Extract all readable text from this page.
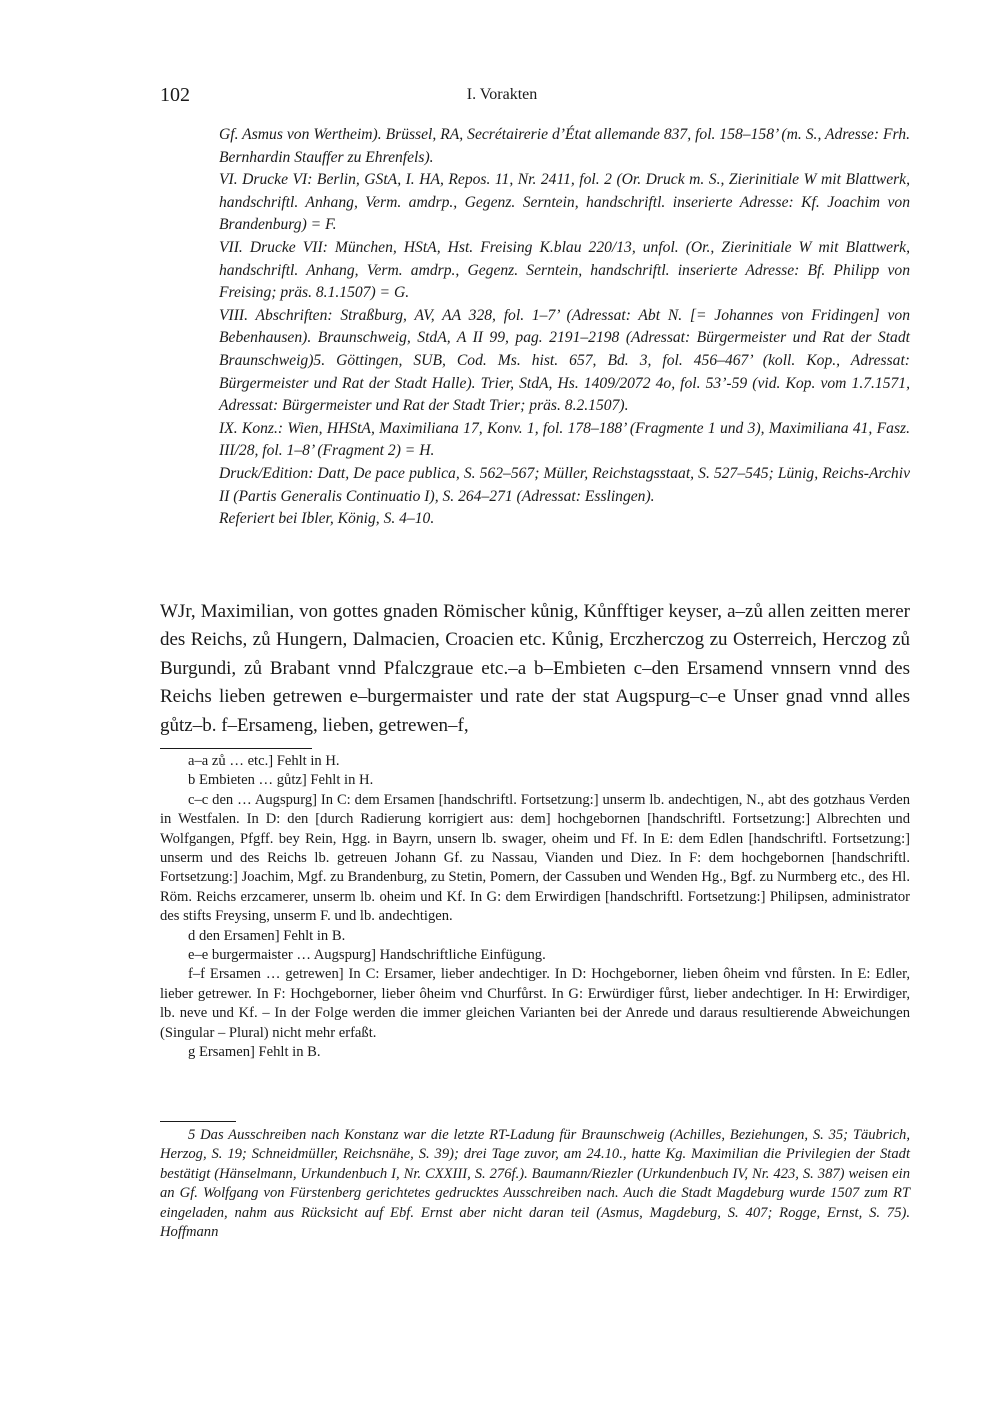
102	I. Vorakten

Gf. Asmus von Wertheim). Brüssel, RA, Secrétairerie d’État allemande 837, fol. 158–158’ (m. S., Adresse: Frh. Bernhardin Stauffer zu Ehrenfels).

VI. Drucke VI: Berlin, GStA, I. HA, Repos. 11, Nr. 2411, fol. 2 (Or. Druck m. S., Zierinitiale W mit Blattwerk, handschriftl. Anhang, Verm. amdrp., Gegenz. Serntein, handschriftl. inserierte Adresse: Kf. Joachim von Brandenburg) = F.

VII. Drucke VII: München, HStA, Hst. Freising K.blau 220/13, unfol. (Or., Zierinitiale W mit Blattwerk, handschriftl. Anhang, Verm. amdrp., Gegenz. Serntein, handschriftl. inserierte Adresse: Bf. Philipp von Freising; präs. 8.1.1507) = G.

VIII. Abschriften: Straßburg, AV, AA 328, fol. 1–7’ (Adressat: Abt N. [= Johannes von Fridingen] von Bebenhausen). Braunschweig, StdA, A II 99, pag. 2191–2198 (Adressat: Bürgermeister und Rat der Stadt Braunschweig)5. Göttingen, SUB, Cod. Ms. hist. 657, Bd. 3, fol. 456–467’ (koll. Kop., Adressat: Bürgermeister und Rat der Stadt Halle). Trier, StdA, Hs. 1409/2072 4o, fol. 53’-59 (vid. Kop. vom 1.7.1571, Adressat: Bürgermeister und Rat der Stadt Trier; präs. 8.2.1507).

IX. Konz.: Wien, HHStA, Maximiliana 17, Konv. 1, fol. 178–188’ (Fragmente 1 und 3), Maximiliana 41, Fasz. III/28, fol. 1–8’ (Fragment 2) = H.

Druck/Edition: Datt, De pace publica, S. 562–567; Müller, Reichstagsstaat, S. 527–545; Lünig, Reichs-Archiv II (Partis Generalis Continuatio I), S. 264–271 (Adressat: Esslingen).

Referiert bei Ibler, König, S. 4–10.

WJr, Maximilian, von gottes gnaden Römischer kůnig, Kůnfftiger keyser, a–zů allen zeitten merer des Reichs, zů Hungern, Dalmacien, Croacien etc. Kůnig, Erczherczog zu Osterreich, Herczog zů Burgundi, zů Brabant vnnd Pfalczgraue etc.–a b–Embieten c–den Ersamend vnnsern vnnd des Reichs lieben getrewen e–burgermaister und rate der stat Augspurg–c–e Unser gnad vnnd alles gůtz–b. f–Ersameng, lieben, getrewen–f,

a–a zů … etc.] Fehlt in H.

b Embieten … gůtz] Fehlt in H.

c–c den … Augspurg] In C: dem Ersamen [handschriftl. Fortsetzung:] unserm lb. andechtigen, N., abt des gotzhaus Verden in Westfalen. In D: den [durch Radierung korrigiert aus: dem] hochgebornen [handschriftl. Fortsetzung:] Albrechten und Wolfgangen, Pfgff. bey Rein, Hgg. in Bayrn, unsern lb. swager, oheim und Ff. In E: dem Edlen [handschriftl. Fortsetzung:] unserm und des Reichs lb. getreuen Johann Gf. zu Nassau, Vianden und Diez. In F: dem hochgebornen [handschriftl. Fortsetzung:] Joachim, Mgf. zu Brandenburg, zu Stetin, Pomern, der Cassuben und Wenden Hg., Bgf. zu Nurmberg etc., des Hl. Röm. Reichs erzcamerer, unserm lb. oheim und Kf. In G: dem Erwirdigen [handschriftl. Fortsetzung:] Philipsen, administrator des stifts Freysing, unserm F. und lb. andechtigen.

d den Ersamen] Fehlt in B.

e–e burgermaister … Augspurg] Handschriftliche Einfügung.

f–f Ersamen … getrewen] In C: Ersamer, lieber andechtiger. In D: Hochgeborner, lieben ôheim vnd fůrsten. In E: Edler, lieber getrewer. In F: Hochgeborner, lieber ôheim vnd Churfůrst. In G: Erwürdiger fůrst, lieber andechtiger. In H: Erwirdiger, lb. neve und Kf. – In der Folge werden die immer gleichen Varianten bei der Anrede und daraus resultierende Abweichungen (Singular – Plural) nicht mehr erfaßt.

g Ersamen] Fehlt in B.

5 Das Ausschreiben nach Konstanz war die letzte RT-Ladung für Braunschweig (Achilles, Beziehungen, S. 35; Täubrich, Herzog, S. 19; Schneidmüller, Reichsnähe, S. 39); drei Tage zuvor, am 24.10., hatte Kg. Maximilian die Privilegien der Stadt bestätigt (Hänselmann, Urkundenbuch I, Nr. CXXIII, S. 276f.). Baumann/Riezler (Urkundenbuch IV, Nr. 423, S. 387) weisen ein an Gf. Wolfgang von Fürstenberg gerichtetes gedrucktes Ausschreiben nach. Auch die Stadt Magdeburg wurde 1507 zum RT eingeladen, nahm aus Rücksicht auf Ebf. Ernst aber nicht daran teil (Asmus, Magdeburg, S. 407; Rogge, Ernst, S. 75). Hoffmann
